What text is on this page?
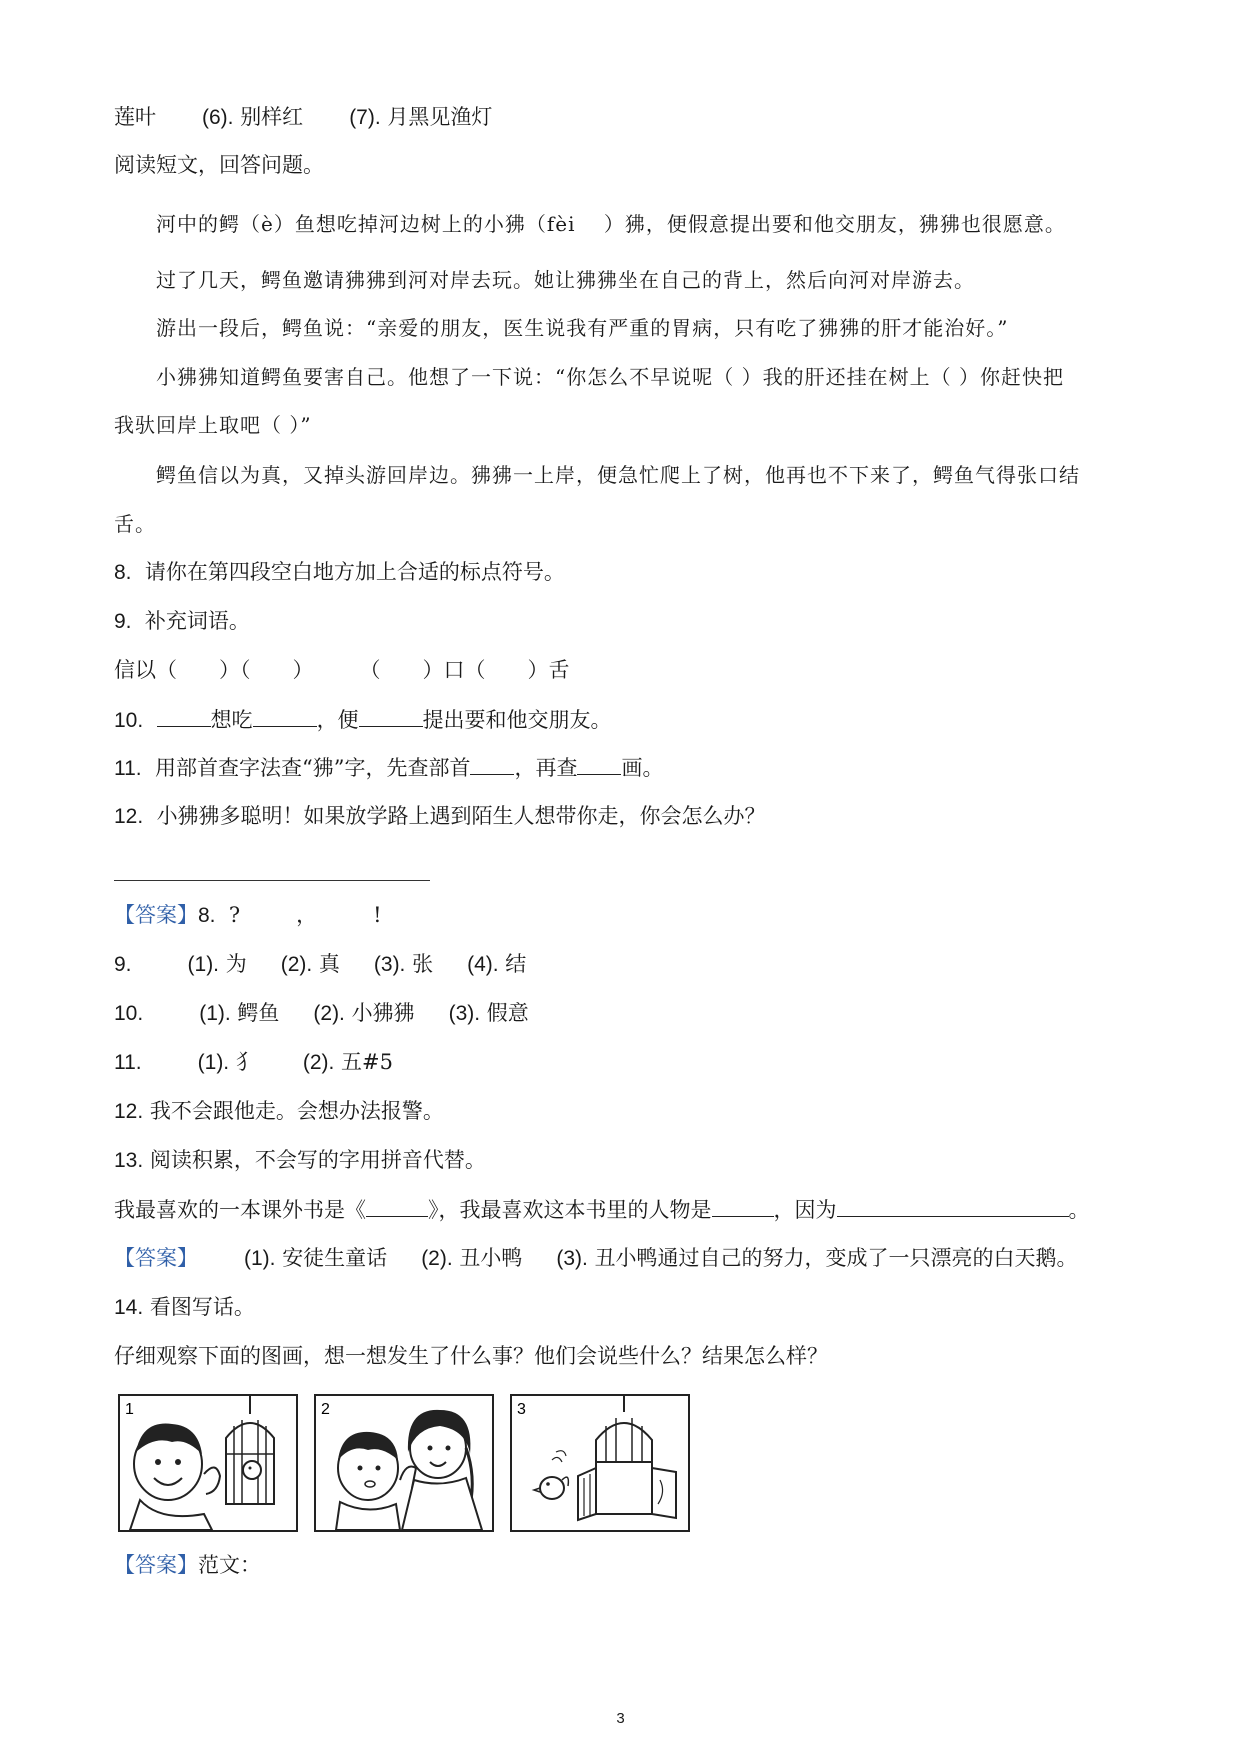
莲叶 (6). 别样红 (7). 月黑见渔灯
阅读短文，回答问题。
河中的鳄（è）鱼想吃掉河边树上的小狒（fèi　 ）狒，便假意提出要和他交朋友，狒狒也很愿意。
过了几天，鳄鱼邀请狒狒到河对岸去玩。她让狒狒坐在自己的背上，然后向河对岸游去。
游出一段后，鳄鱼说：“亲爱的朋友，医生说我有严重的胃病，只有吃了狒狒的肝才能治好。”
小狒狒知道鳄鱼要害自己。他想了一下说：“你怎么不早说呢（ ）我的肝还挂在树上（ ）你赶快把
我驮回岸上取吧（ ）”
鳄鱼信以为真，又掉头游回岸边。狒狒一上岸，便急忙爬上了树，他再也不下来了，鳄鱼气得张口结
舌。
8. 请你在第四段空白地方加上合适的标点符号。
9. 补充词语。
信以（　　）（　　） （　　）口（　　）舌
10.	想吃	，便	提出要和他交朋友。
11. 用部首查字法查“狒”字，先查部首 ，再查 画。
12. 小狒狒多聪明！如果放学路上遇到陌生人想带你走，你会怎么办？
【答案】8. ?	，	!
9.	(1). 为 (2). 真 (3). 张 (4). 结
10.	(1). 鳄鱼 (2). 小狒狒 (3). 假意
11.	(1). 犭 (2). 五#5
12. 我不会跟他走。会想办法报警。
13. 阅读积累，不会写的字用拼音代替。
我最喜欢的一本课外书是《	》，我最喜欢这本书里的人物是	，因为	。
【答案】 (1). 安徒生童话 (2). 丑小鸭 (3). 丑小鸭通过自己的努力，变成了一只漂亮的白天鹅。
14. 看图写话。
仔细观察下面的图画，想一想发生了什么事？他们会说些什么？结果怎么样？
1	2	3
【答案】范文：
3
